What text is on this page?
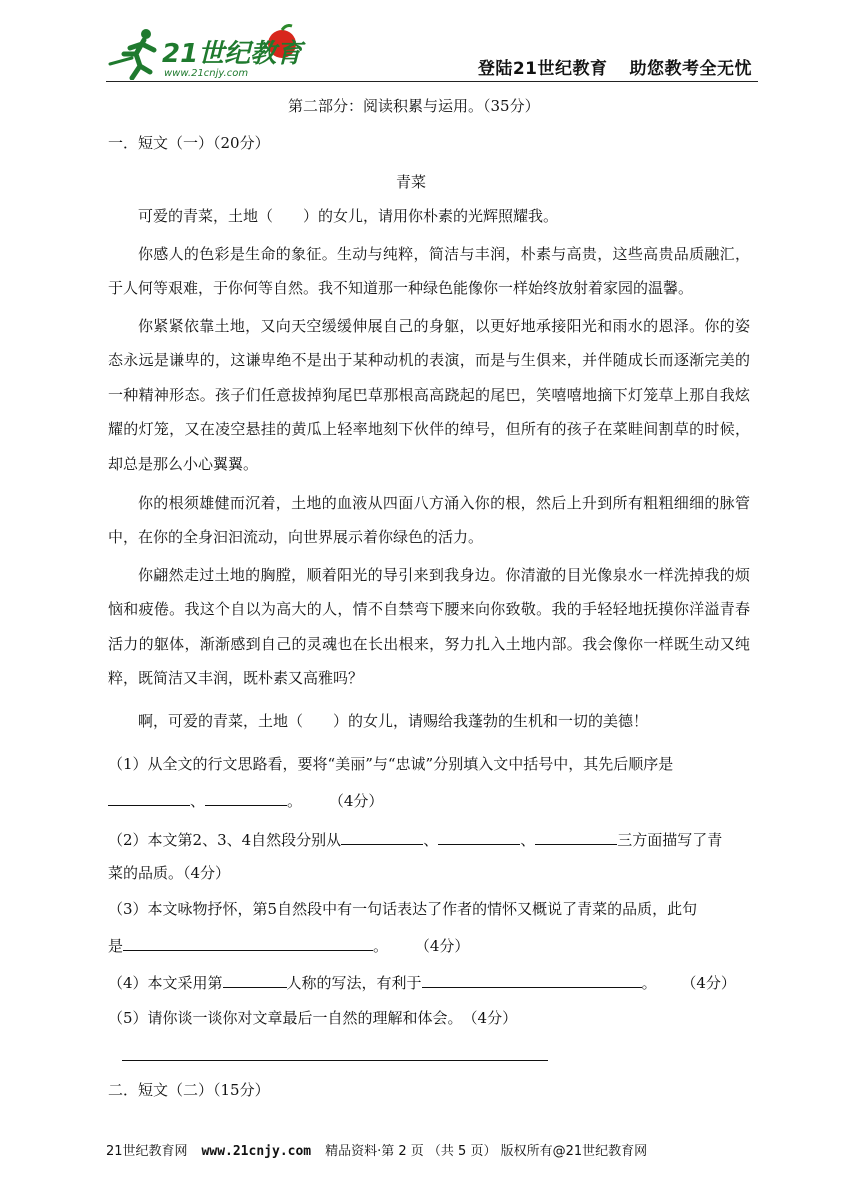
21世纪教育
www.21cnjy.com	登陆21世纪教育 助您教考全无忧
第二部分：阅读积累与运用。（35分）
一．短文（一）（20分）
青菜

可爱的青菜，土地（　　）的女儿，请用你朴素的光辉照耀我。

你感人的色彩是生命的象征。生动与纯粹，简洁与丰润，朴素与高贵，这些高贵品质融汇，于人何等艰难，于你何等自然。我不知道那一种绿色能像你一样始终放射着家园的温馨。

你紧紧依靠土地，又向天空缓缓伸展自己的身躯，以更好地承接阳光和雨水的恩泽。你的姿态永远是谦卑的，这谦卑绝不是出于某种动机的表演，而是与生俱来，并伴随成长而逐渐完美的一种精神形态。孩子们任意拔掉狗尾巴草那根高高跷起的尾巴，笑嘻嘻地摘下灯笼草上那自我炫耀的灯笼，又在凌空悬挂的黄瓜上轻率地刻下伙伴的绰号，但所有的孩子在菜畦间割草的时候，却总是那么小心翼翼。

你的根须雄健而沉着，土地的血液从四面八方涌入你的根，然后上升到所有粗粗细细的脉管中，在你的全身汩汩流动，向世界展示着你绿色的活力。

你翩然走过土地的胸膛，顺着阳光的导引来到我身边。你清澈的目光像泉水一样洗掉我的烦恼和疲倦。我这个自以为高大的人，情不自禁弯下腰来向你致敬。我的手轻轻地抚摸你洋溢青春活力的躯体，渐渐感到自己的灵魂也在长出根来，努力扎入土地内部。我会像你一样既生动又纯粹，既简洁又丰润，既朴素又高雅吗？

啊，可爱的青菜，土地（　　）的女儿，请赐给我蓬勃的生机和一切的美德！

（1）从全文的行文思路看，要将“美丽”与“忠诚”分别填入文中括号中，其先后顺序是
、	。 （4分）
（2）本文第2、3、4自然段分别从	、	、	三方面描写了青
菜的品质。（4分）
（3）本文咏物抒怀，第5自然段中有一句话表达了作者的情怀又概说了青菜的品质，此句
是	。 （4分）
（4）本文采用第	人称的写法，有利于	。 （4分）
（5）请你谈一谈你对文章最后一自然的理解和体会。　（4分）
二．短文（二）（15分）
21世纪教育网 www.21cnjy.com 精品资料·第 2 页 （共 5 页） 版权所有@21世纪教育网
